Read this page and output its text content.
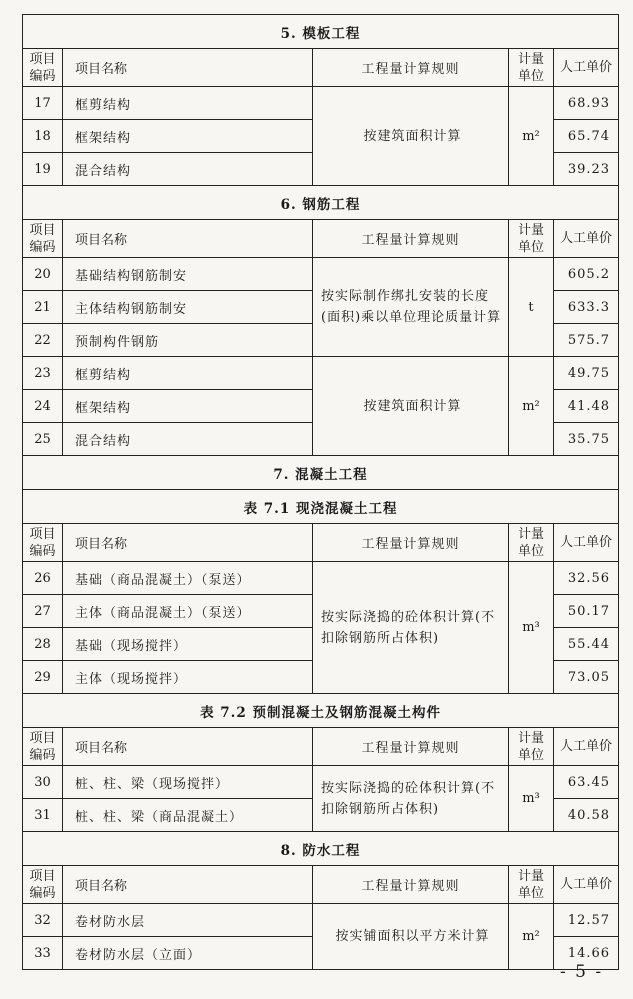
5. 模板工程				
项目编码	项目名称	工程量计算规则	计量单位	人工单价
17	框剪结构	按建筑面积计算	m²	68.93
18	框架结构			65.74
19	混合结构			39.23
6. 钢筋工程				
项目编码	项目名称	工程量计算规则	计量单位	人工单价
20	基础结构钢筋制安	按实际制作绑扎安装的长度(面积)乘以单位理论质量计算	t	605.2
21	主体结构钢筋制安			633.3
22	预制构件钢筋			575.7
23	框剪结构	按建筑面积计算	m²	49.75
24	框架结构			41.48
25	混合结构			35.75
7. 混凝土工程				
表 7.1 现浇混凝土工程				
项目编码	项目名称	工程量计算规则	计量单位	人工单价
26	基础（商品混凝土）（泵送）	按实际浇捣的砼体积计算(不扣除钢筋所占体积)	m³	32.56
27	主体（商品混凝土）（泵送）			50.17
28	基础（现场搅拌）			55.44
29	主体（现场搅拌）			73.05
表 7.2 预制混凝土及钢筋混凝土构件				
项目编码	项目名称	工程量计算规则	计量单位	人工单价
30	桩、柱、梁（现场搅拌）	按实际浇捣的砼体积计算(不扣除钢筋所占体积)	m³	63.45
31	桩、柱、梁（商品混凝土）			40.58
8. 防水工程				
项目编码	项目名称	工程量计算规则	计量单位	人工单价
32	卷材防水层	按实铺面积以平方米计算	m²	12.57
33	卷材防水层（立面）			14.66
- 5 -
